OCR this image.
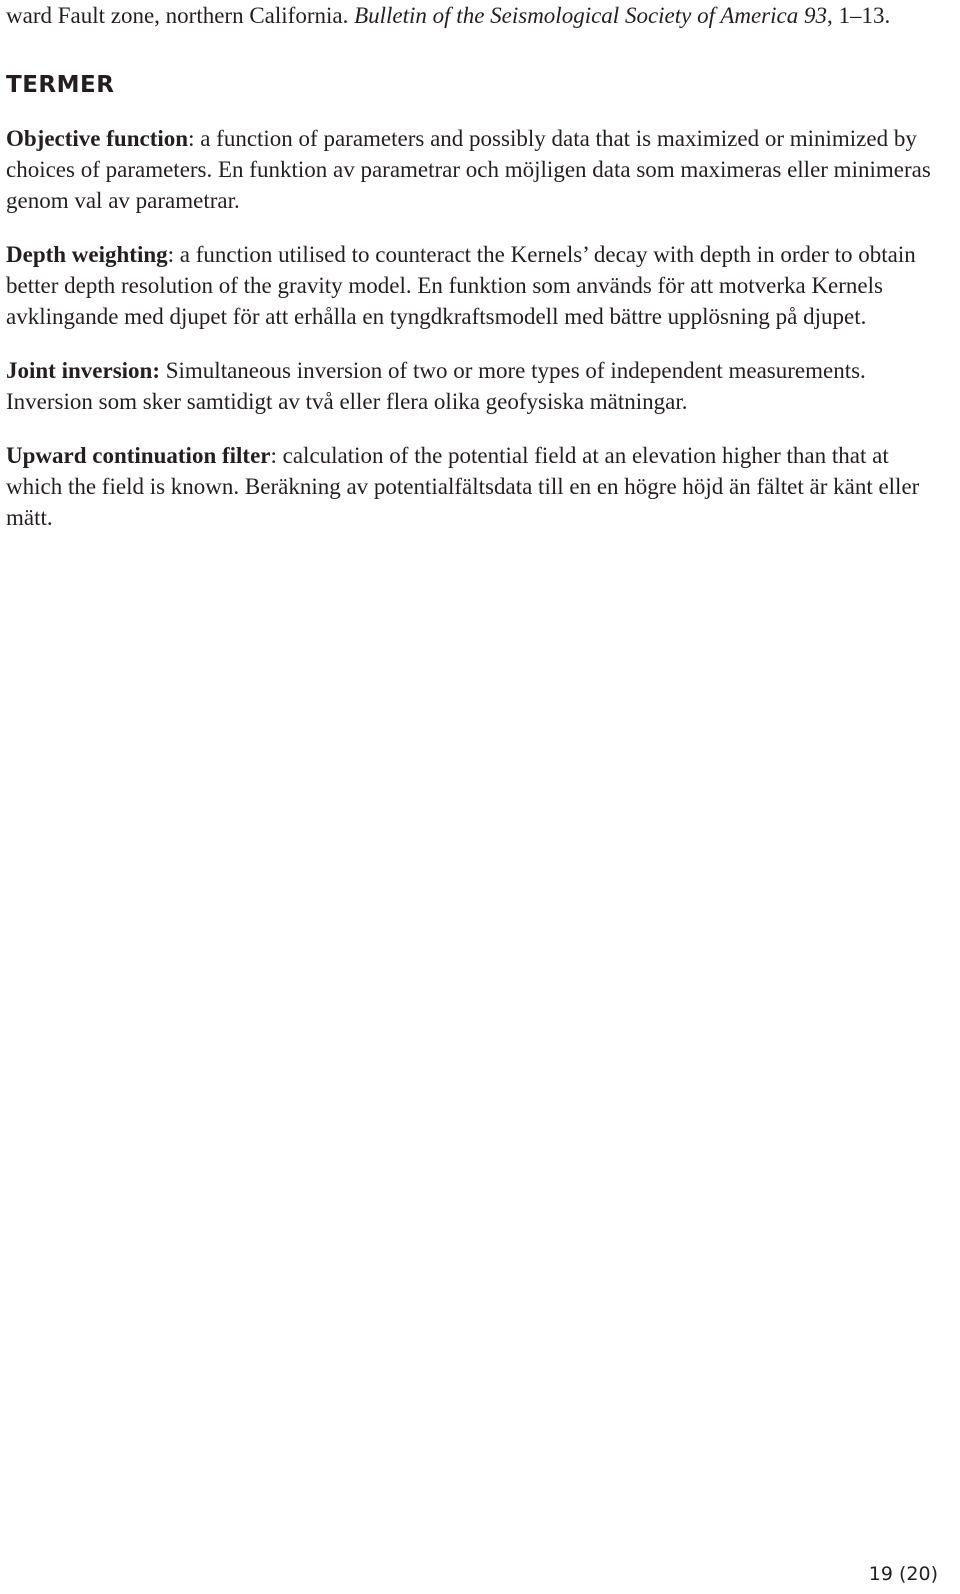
ward Fault zone, northern California. Bulletin of the Seismological Society of America 93, 1–13.

TERMER

Objective function: a function of parameters and possibly data that is maximized or minimized by choices of parameters. En funktion av parametrar och möjligen data som maximeras eller minimeras genom val av parametrar.

Depth weighting: a function utilised to counteract the Kernels’ decay with depth in order to obtain better depth resolution of the gravity model. En funktion som används för att motverka Kernels avklingande med djupet för att erhålla en tyngdkraftsmodell med bättre upplösning på djupet.

Joint inversion: Simultaneous inversion of two or more types of independent measurements. Inversion som sker samtidigt av två eller flera olika geofysiska mätningar.

Upward continuation filter: calculation of the potential field at an elevation higher than that at which the field is known. Beräkning av potentialfältsdata till en en högre höjd än fältet är känt eller mätt.

19 (20)
